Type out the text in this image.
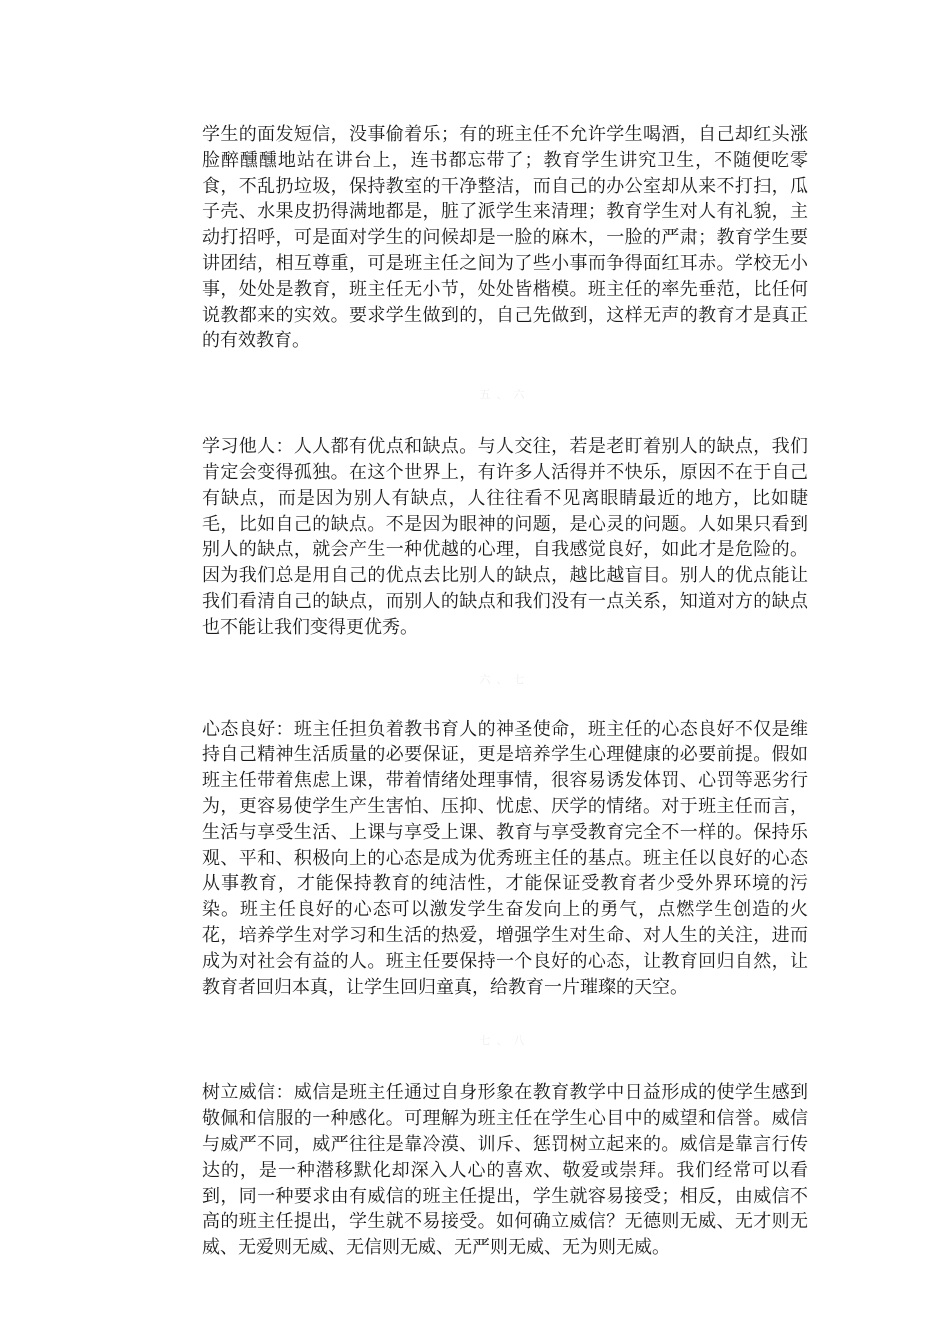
学生的面发短信，没事偷着乐；有的班主任不允许学生喝酒，自己却红头涨脸醉醺醺地站在讲台上，连书都忘带了；教育学生讲究卫生，不随便吃零食，不乱扔垃圾，保持教室的干净整洁，而自己的办公室却从来不打扫，瓜子壳、水果皮扔得满地都是，脏了派学生来清理；教育学生对人有礼貌，主动打招呼，可是面对学生的问候却是一脸的麻木，一脸的严肃；教育学生要讲团结，相互尊重，可是班主任之间为了些小事而争得面红耳赤。学校无小事，处处是教育，班主任无小节，处处皆楷模。班主任的率先垂范，比任何说教都来的实效。要求学生做到的，自己先做到，这样无声的教育才是真正的有效教育。

五、六

学习他人：人人都有优点和缺点。与人交往，若是老盯着别人的缺点，我们肯定会变得孤独。在这个世界上，有许多人活得并不快乐，原因不在于自己有缺点，而是因为别人有缺点，人往往看不见离眼睛最近的地方，比如睫毛，比如自己的缺点。不是因为眼神的问题，是心灵的问题。人如果只看到别人的缺点，就会产生一种优越的心理，自我感觉良好，如此才是危险的。因为我们总是用自己的优点去比别人的缺点，越比越盲目。别人的优点能让我们看清自己的缺点，而别人的缺点和我们没有一点关系，知道对方的缺点也不能让我们变得更优秀。

六、七

心态良好：班主任担负着教书育人的神圣使命，班主任的心态良好不仅是维持自己精神生活质量的必要保证，更是培养学生心理健康的必要前提。假如班主任带着焦虑上课，带着情绪处理事情，很容易诱发体罚、心罚等恶劣行为，更容易使学生产生害怕、压抑、忧虑、厌学的情绪。对于班主任而言，生活与享受生活、上课与享受上课、教育与享受教育完全不一样的。保持乐观、平和、积极向上的心态是成为优秀班主任的基点。班主任以良好的心态从事教育，才能保持教育的纯洁性，才能保证受教育者少受外界环境的污染。班主任良好的心态可以激发学生奋发向上的勇气，点燃学生创造的火花，培养学生对学习和生活的热爱，增强学生对生命、对人生的关注，进而成为对社会有益的人。班主任要保持一个良好的心态，让教育回归自然，让教育者回归本真，让学生回归童真，给教育一片璀璨的天空。

七、八

树立威信：威信是班主任通过自身形象在教育教学中日益形成的使学生感到敬佩和信服的一种感化。可理解为班主任在学生心目中的威望和信誉。威信与威严不同，威严往往是靠冷漠、训斥、惩罚树立起来的。威信是靠言行传达的，是一种潜移默化却深入人心的喜欢、敬爱或崇拜。我们经常可以看到，同一种要求由有威信的班主任提出，学生就容易接受；相反，由威信不高的班主任提出，学生就不易接受。如何确立威信？无德则无威、无才则无威、无爱则无威、无信则无威、无严则无威、无为则无威。
